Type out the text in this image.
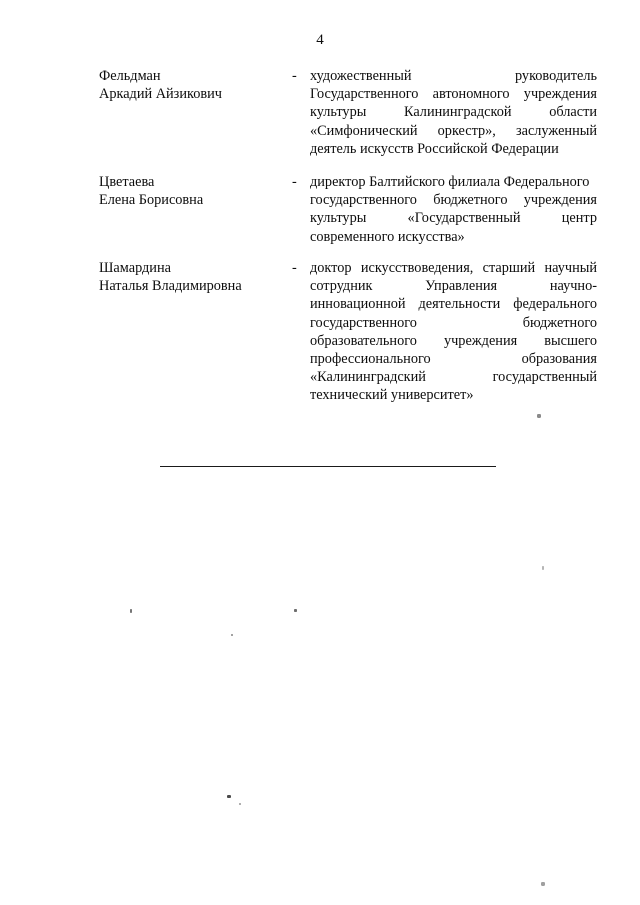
4
Фельдман
Аркадий Айзикович
- художественный руководитель
Государственного автономного учреждения
культуры Калининградской области
«Симфонический оркестр», заслуженный
деятель искусств Российской Федерации
Цветаева
Елена Борисовна
- директор Балтийского филиала Федерального
государственного бюджетного учреждения
культуры «Государственный центр
современного искусства»
Шамардина
Наталья Владимировна
- доктор искусствоведения, старший научный
сотрудник Управления научно-
инновационной деятельности федерального
государственного бюджетного
образовательного учреждения высшего
профессионального образования
«Калининградский государственный
технический университет»
